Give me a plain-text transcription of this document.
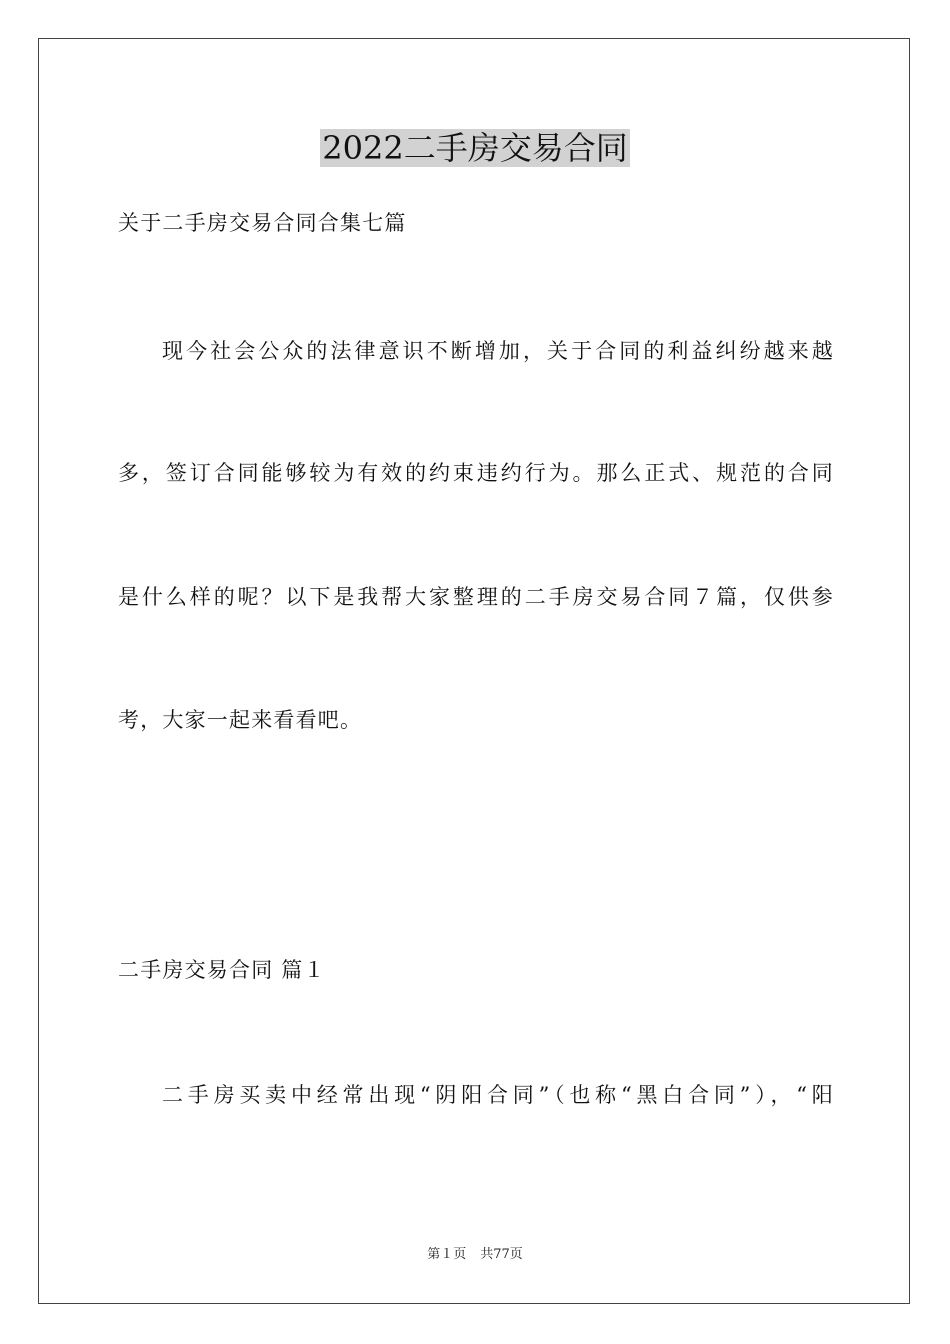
2022二手房交易合同
关于二手房交易合同合集七篇
现今社会公众的法律意识不断增加，关于合同的利益纠纷越来越
多，签订合同能够较为有效的约束违约行为。那么正式、规范的合同
是什么样的呢？以下是我帮大家整理的二手房交易合同７篇，仅供参
考，大家一起来看看吧。
二手房交易合同 篇１
二手房买卖中经常出现“阴阳合同”（也称“黑白合同”），“阳
第１页 共77页
